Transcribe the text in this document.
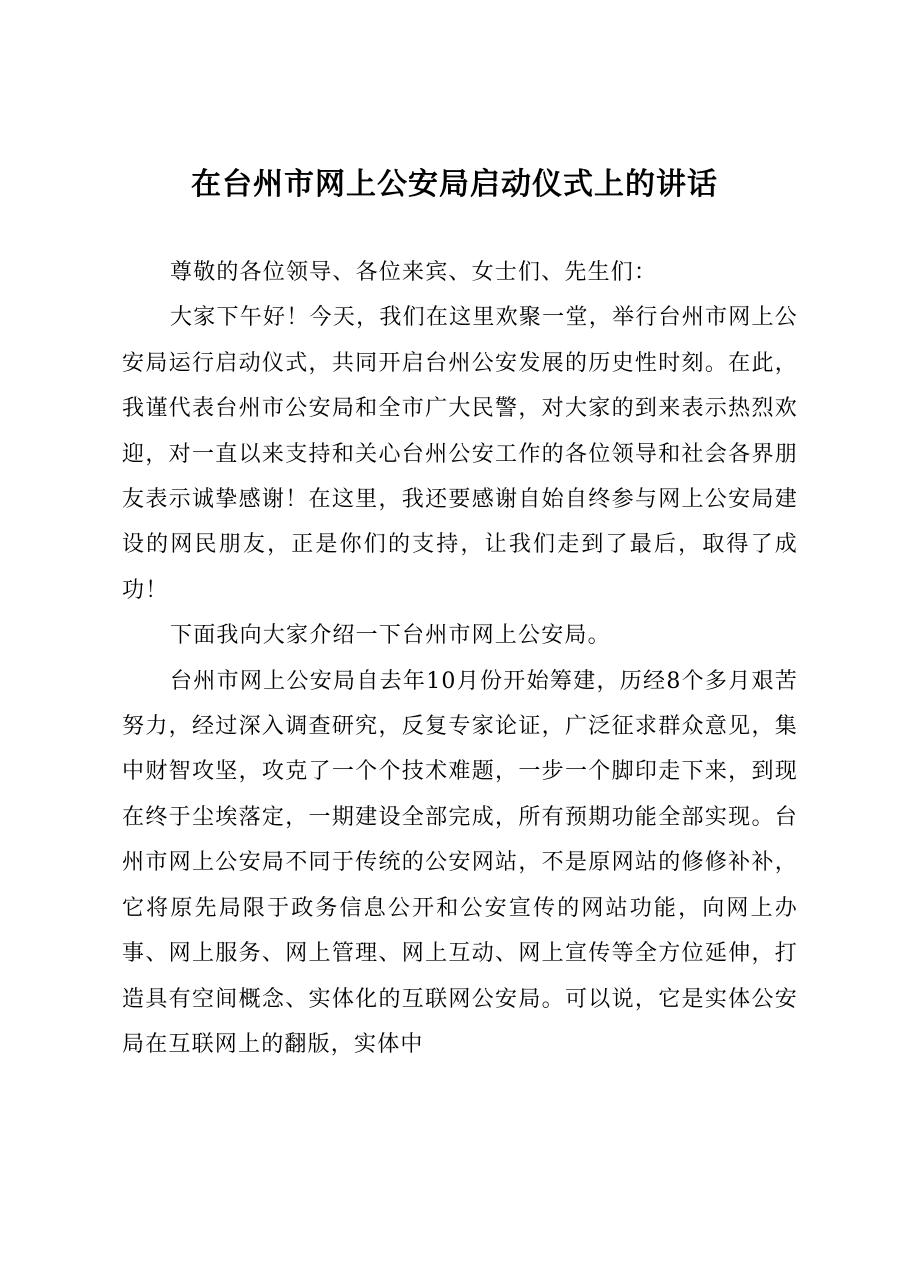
在台州市网上公安局启动仪式上的讲话

尊敬的各位领导、各位来宾、女士们、先生们：

大家下午好！今天，我们在这里欢聚一堂，举行台州市网上公安局运行启动仪式，共同开启台州公安发展的历史性时刻。在此，我谨代表台州市公安局和全市广大民警，对大家的到来表示热烈欢迎，对一直以来支持和关心台州公安工作的各位领导和社会各界朋友表示诚挚感谢！在这里，我还要感谢自始自终参与网上公安局建设的网民朋友，正是你们的支持，让我们走到了最后，取得了成功！

下面我向大家介绍一下台州市网上公安局。

台州市网上公安局自去年10月份开始筹建，历经8个多月艰苦努力，经过深入调查研究，反复专家论证，广泛征求群众意见，集中财智攻坚，攻克了一个个技术难题，一步一个脚印走下来，到现在终于尘埃落定，一期建设全部完成，所有预期功能全部实现。台州市网上公安局不同于传统的公安网站，不是原网站的修修补补，它将原先局限于政务信息公开和公安宣传的网站功能，向网上办事、网上服务、网上管理、网上互动、网上宣传等全方位延伸，打造具有空间概念、实体化的互联网公安局。可以说，它是实体公安局在互联网上的翻版，实体中
